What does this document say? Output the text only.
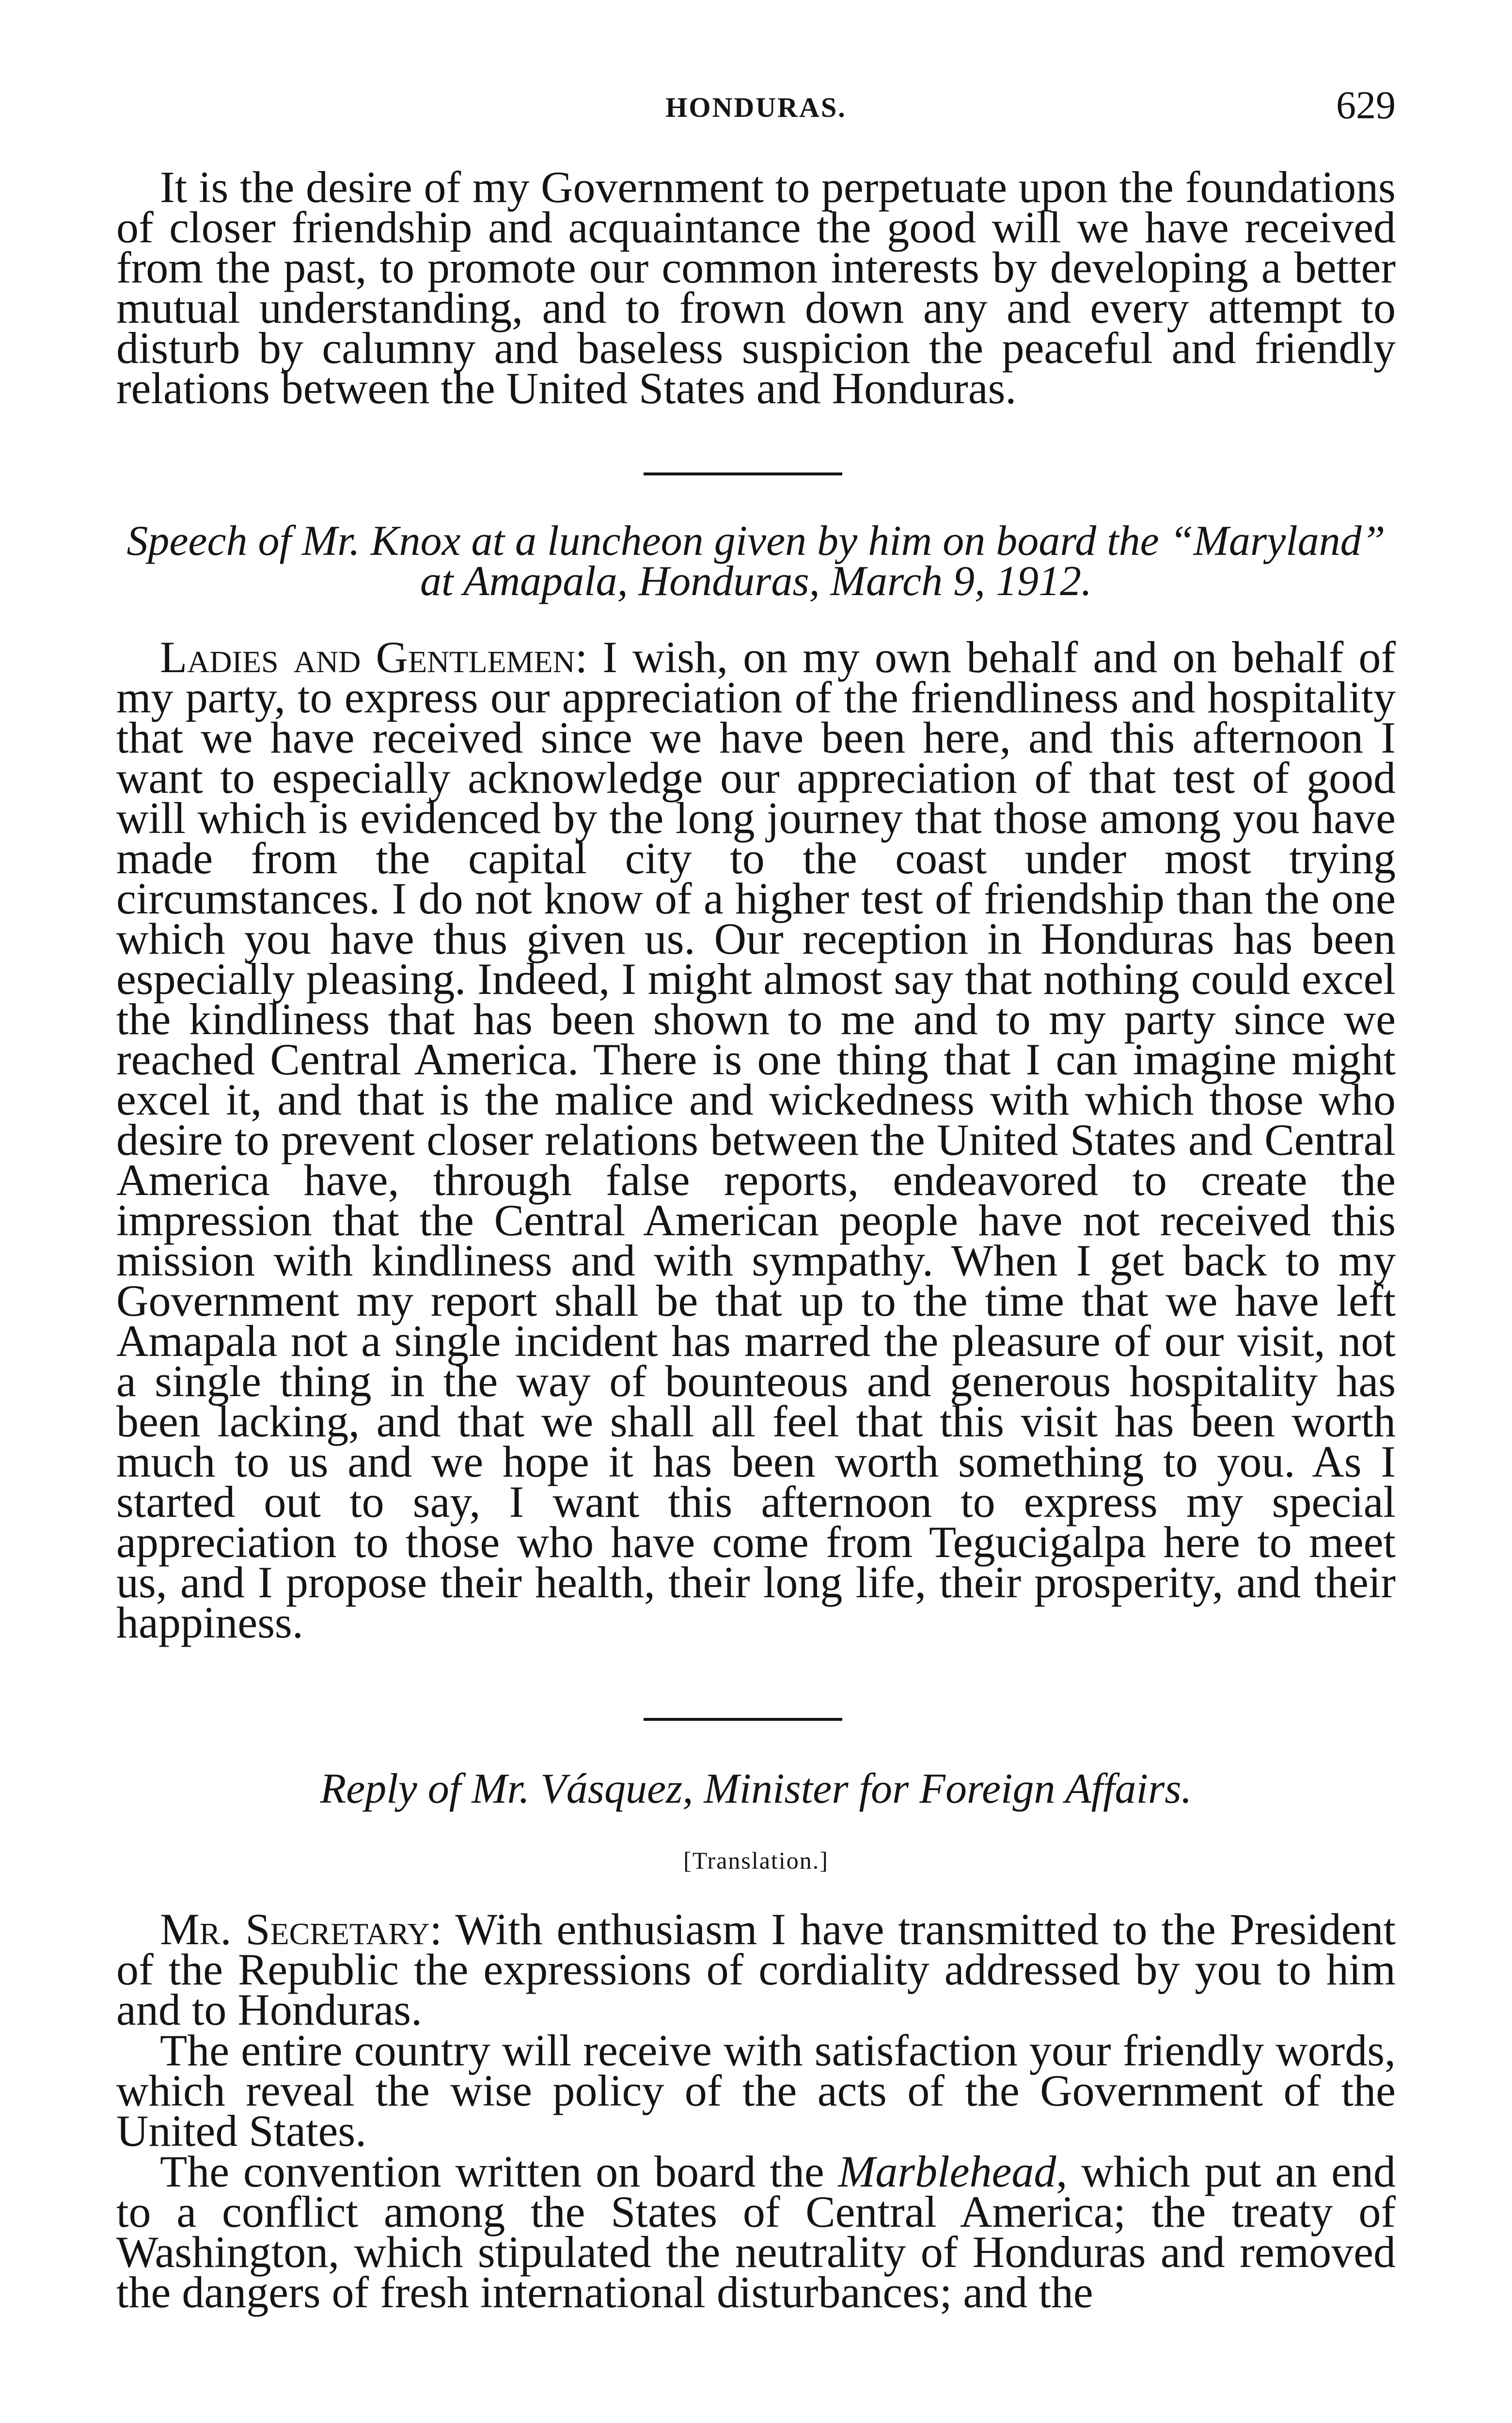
HONDURAS.	629

It is the desire of my Government to perpetuate upon the foundations of closer friendship and acquaintance the good will we have received from the past, to promote our common interests by developing a better mutual understanding, and to frown down any and every attempt to disturb by calumny and baseless suspicion the peaceful and friendly relations between the United States and Honduras.

Speech of Mr. Knox at a luncheon given by him on board the “Maryland” at Amapala, Honduras, March 9, 1912.

Ladies and Gentlemen: I wish, on my own behalf and on behalf of my party, to express our appreciation of the friendliness and hospitality that we have received since we have been here, and this afternoon I want to especially acknowledge our appreciation of that test of good will which is evidenced by the long journey that those among you have made from the capital city to the coast under most trying circumstances. I do not know of a higher test of friendship than the one which you have thus given us. Our reception in Honduras has been especially pleasing. Indeed, I might almost say that nothing could excel the kindliness that has been shown to me and to my party since we reached Central America. There is one thing that I can imagine might excel it, and that is the malice and wickedness with which those who desire to prevent closer relations between the United States and Central America have, through false reports, endeavored to create the impression that the Central American people have not received this mission with kindliness and with sympathy. When I get back to my Government my report shall be that up to the time that we have left Amapala not a single incident has marred the pleasure of our visit, not a single thing in the way of bounteous and generous hospitality has been lacking, and that we shall all feel that this visit has been worth much to us and we hope it has been worth something to you. As I started out to say, I want this afternoon to express my special appreciation to those who have come from Tegucigalpa here to meet us, and I propose their health, their long life, their prosperity, and their happiness.

Reply of Mr. Vásquez, Minister for Foreign Affairs.

[Translation.]

Mr. Secretary: With enthusiasm I have transmitted to the President of the Republic the expressions of cordiality addressed by you to him and to Honduras.

The entire country will receive with satisfaction your friendly words, which reveal the wise policy of the acts of the Government of the United States.

The convention written on board the Marblehead, which put an end to a conflict among the States of Central America; the treaty of Washington, which stipulated the neutrality of Honduras and removed the dangers of fresh international disturbances; and the
